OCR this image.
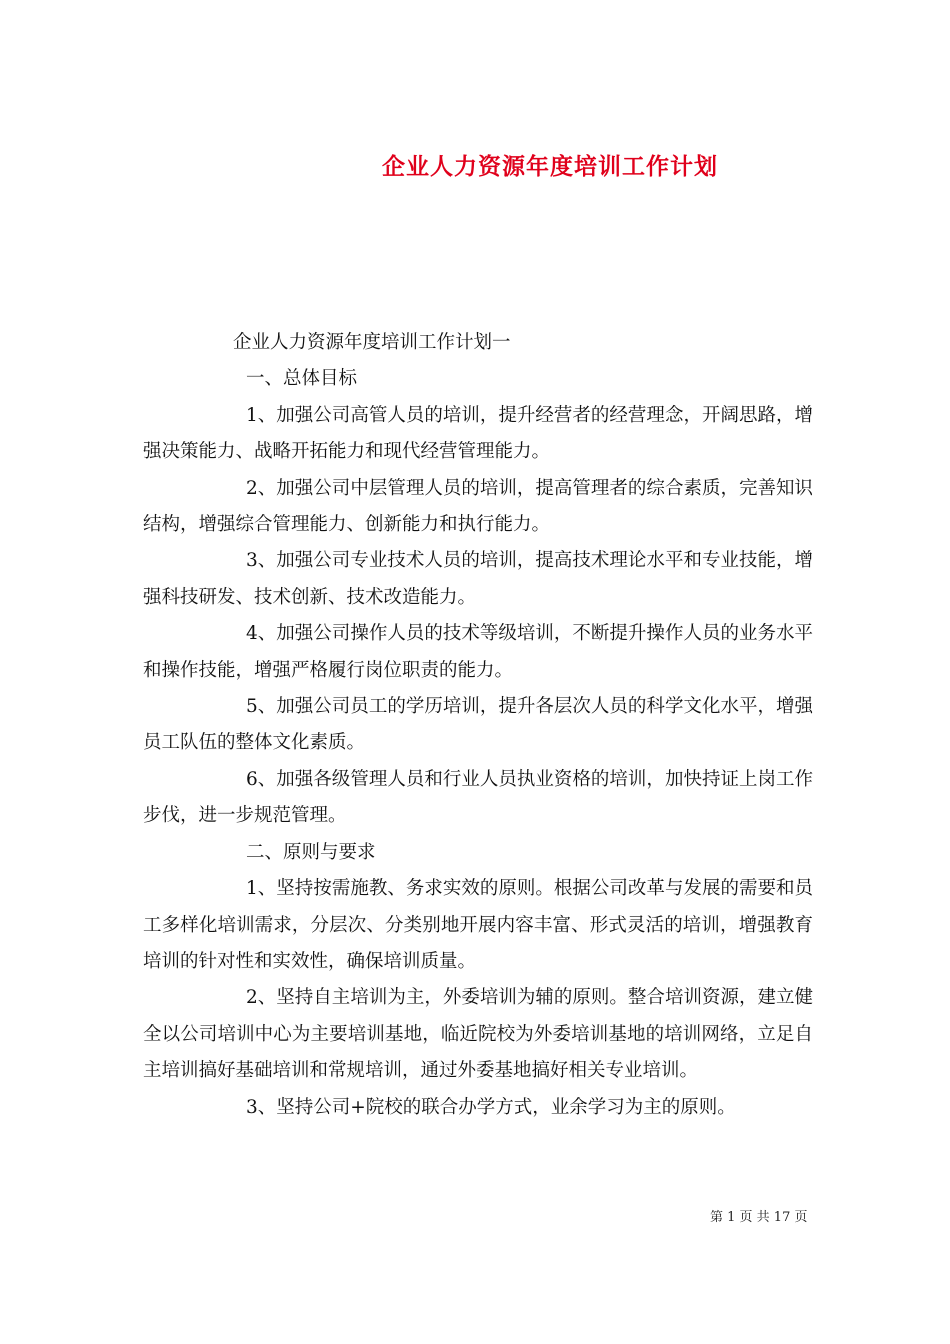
企业人力资源年度培训工作计划

企业人力资源年度培训工作计划一

一、总体目标

1、加强公司高管人员的培训，提升经营者的经营理念，开阔思路，增强决策能力、战略开拓能力和现代经营管理能力。

2、加强公司中层管理人员的培训，提高管理者的综合素质，完善知识结构，增强综合管理能力、创新能力和执行能力。

3、加强公司专业技术人员的培训，提高技术理论水平和专业技能，增强科技研发、技术创新、技术改造能力。

4、加强公司操作人员的技术等级培训，不断提升操作人员的业务水平和操作技能，增强严格履行岗位职责的能力。

5、加强公司员工的学历培训，提升各层次人员的科学文化水平，增强员工队伍的整体文化素质。

6、加强各级管理人员和行业人员执业资格的培训，加快持证上岗工作步伐，进一步规范管理。

二、原则与要求

1、坚持按需施教、务求实效的原则。根据公司改革与发展的需要和员工多样化培训需求，分层次、分类别地开展内容丰富、形式灵活的培训，增强教育培训的针对性和实效性，确保培训质量。

2、坚持自主培训为主，外委培训为辅的原则。整合培训资源，建立健全以公司培训中心为主要培训基地，临近院校为外委培训基地的培训网络，立足自主培训搞好基础培训和常规培训，通过外委基地搞好相关专业培训。

3、坚持公司+院校的联合办学方式，业余学习为主的原则。

第 1 页 共 17 页
